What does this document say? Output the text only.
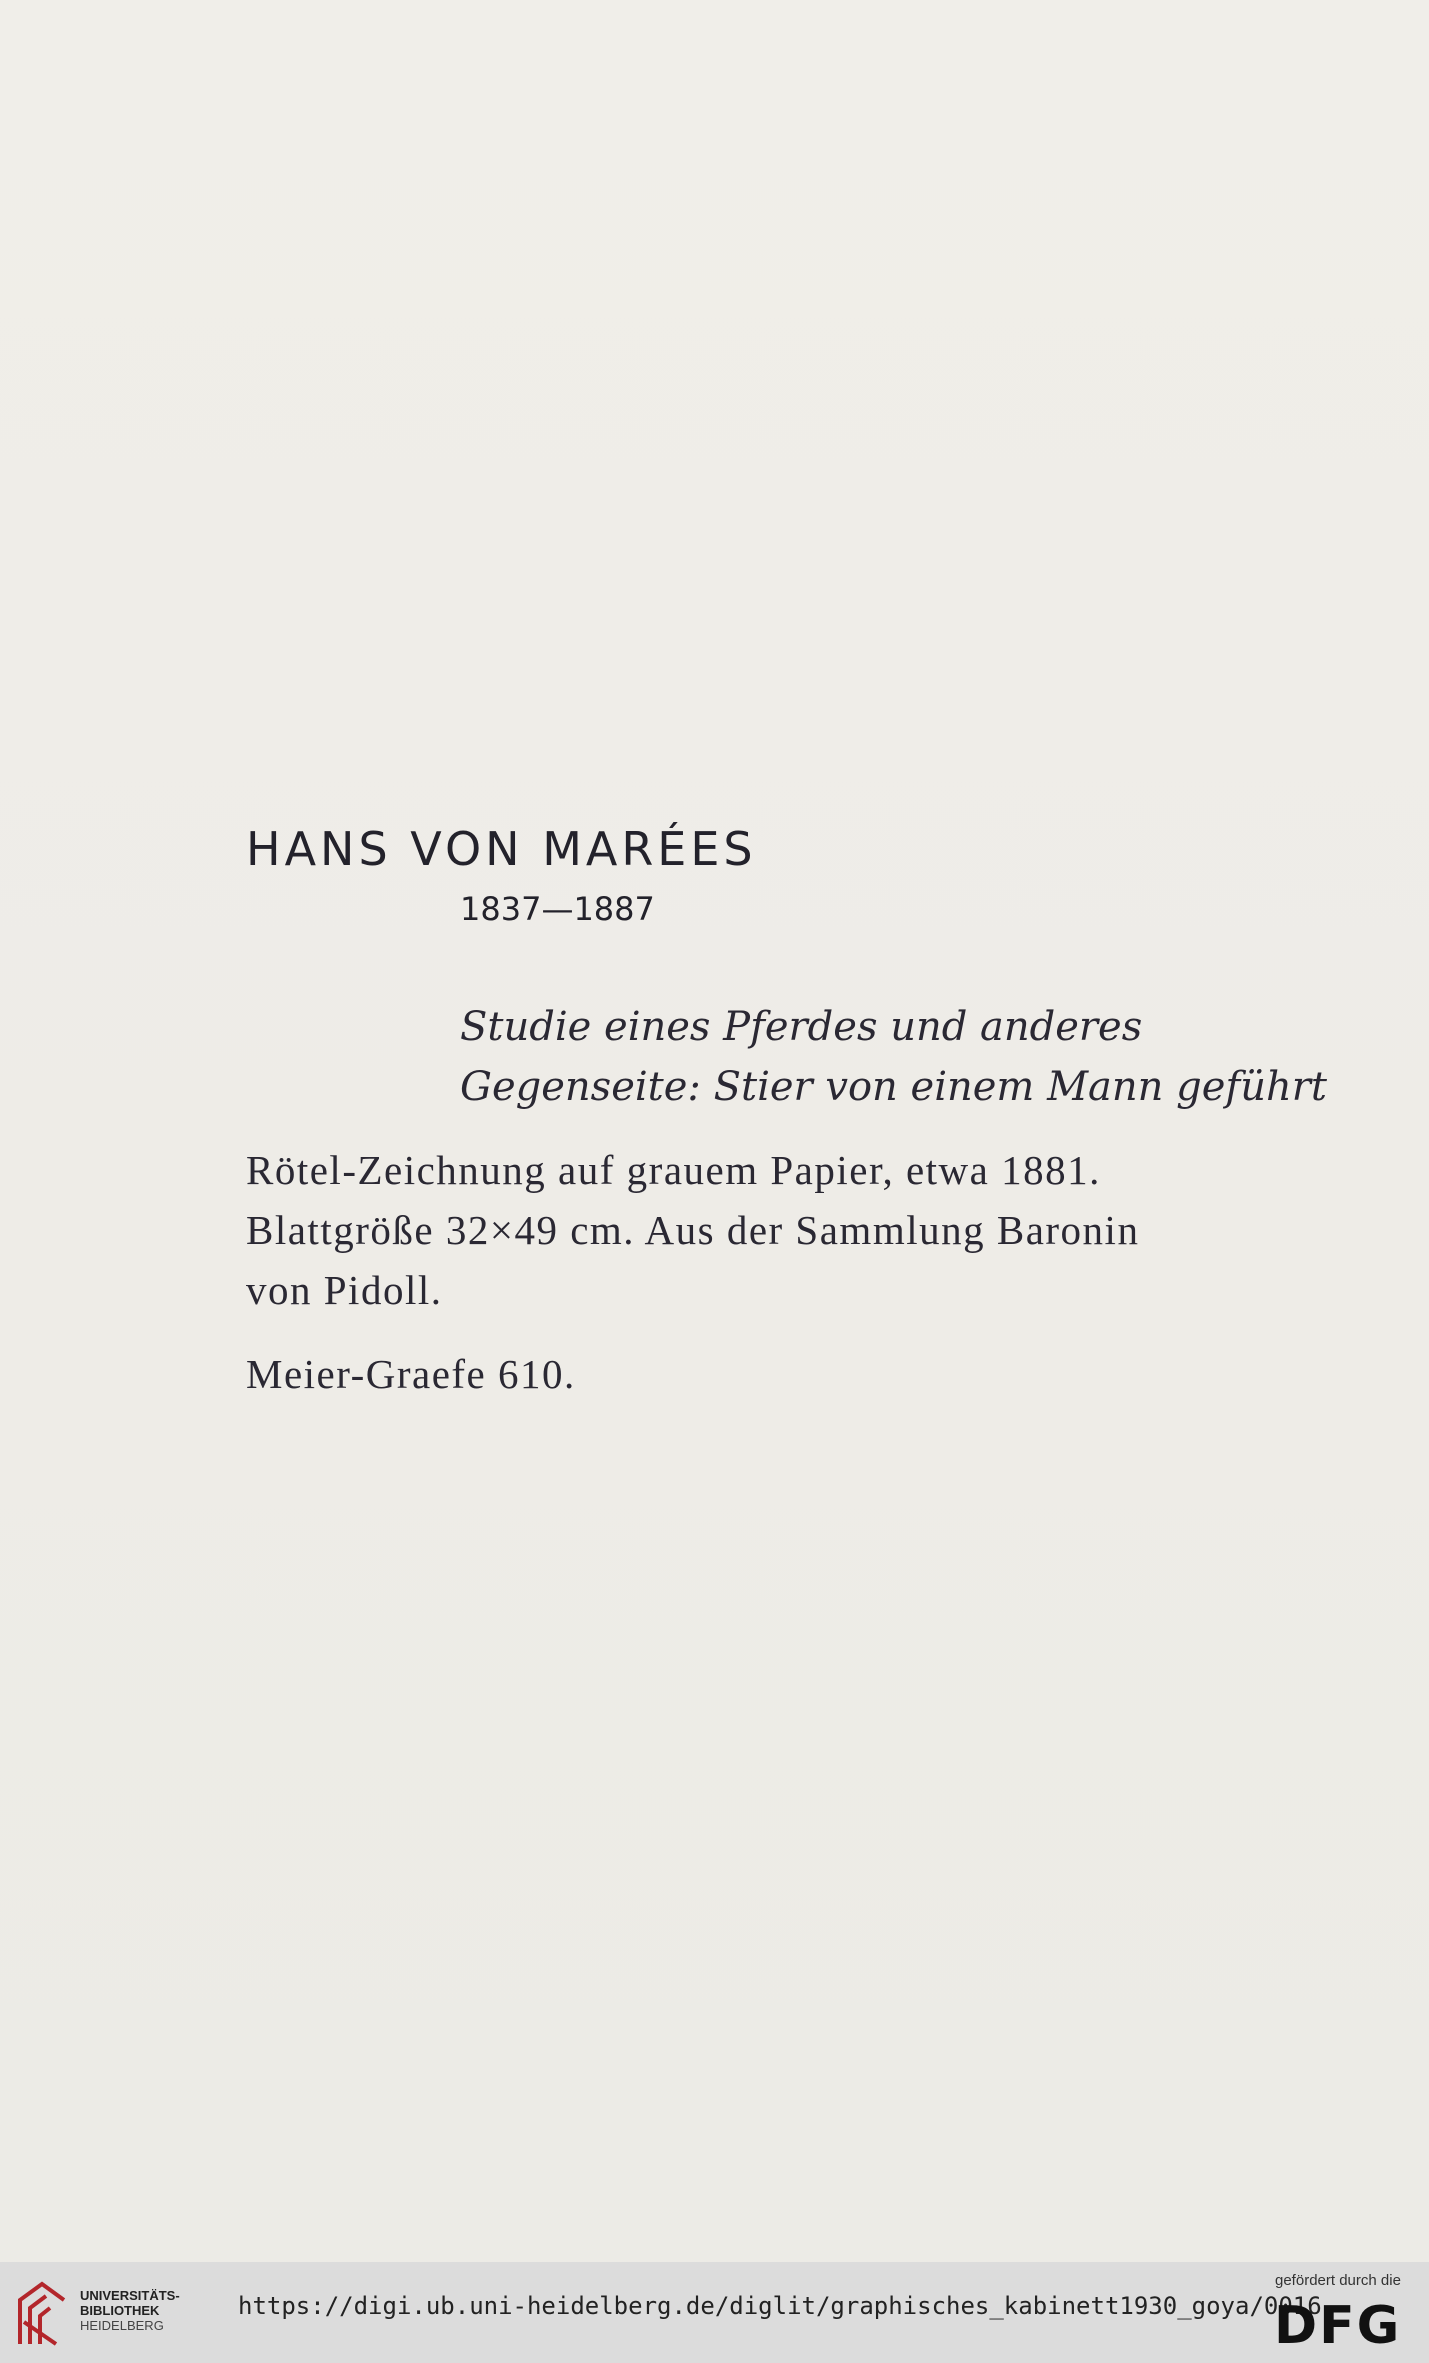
HANS VON MARÉES
1837—1887
Studie eines Pferdes und anderes
Gegenseite: Stier von einem Mann geführt
Rötel-Zeichnung auf grauem Papier, etwa 1881.
Blattgröße 32×49 cm. Aus der Sammlung Baronin
von Pidoll.
Meier-Graefe 610.
UNIVERSITÄTS-
BIBLIOTHEK
HEIDELBERG
https://digi.ub.uni-heidelberg.de/diglit/graphisches_kabinett1930_goya/0016
gefördert durch die
DFG
